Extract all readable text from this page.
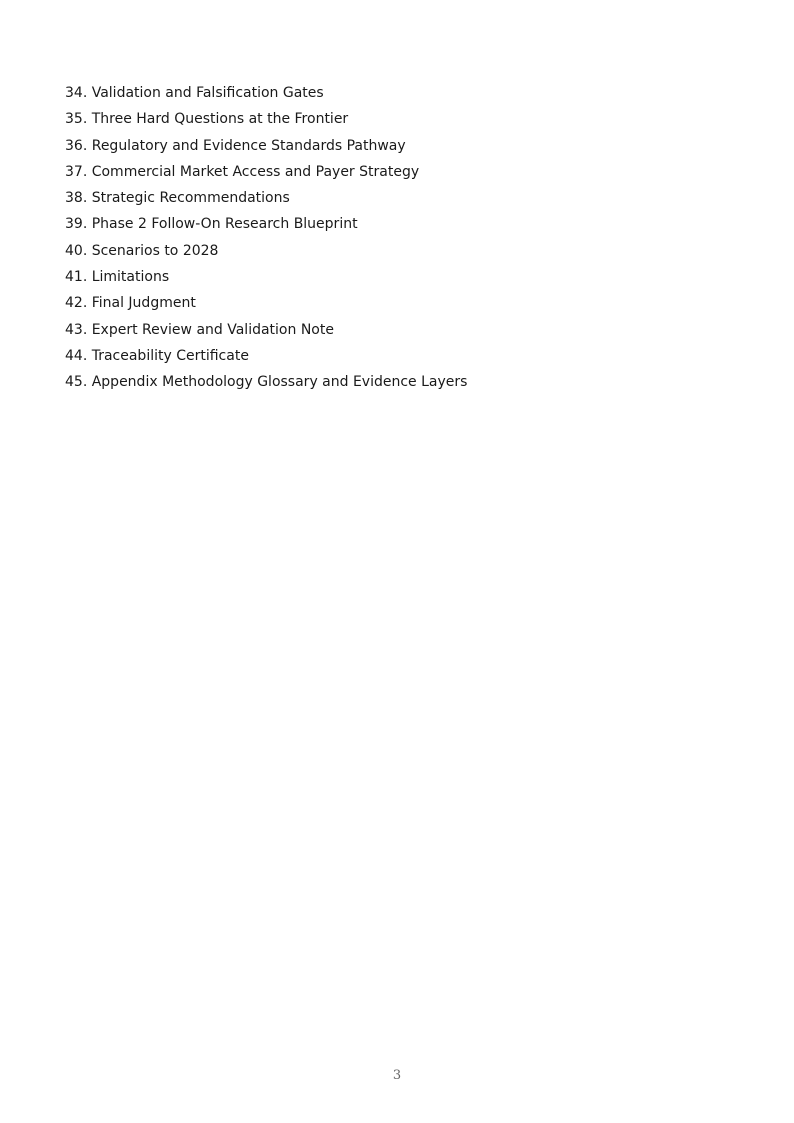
34. Validation and Falsification Gates
35. Three Hard Questions at the Frontier
36. Regulatory and Evidence Standards Pathway
37. Commercial Market Access and Payer Strategy
38. Strategic Recommendations
39. Phase 2 Follow-On Research Blueprint
40. Scenarios to 2028
41. Limitations
42. Final Judgment
43. Expert Review and Validation Note
44. Traceability Certificate
45. Appendix Methodology Glossary and Evidence Layers
3
